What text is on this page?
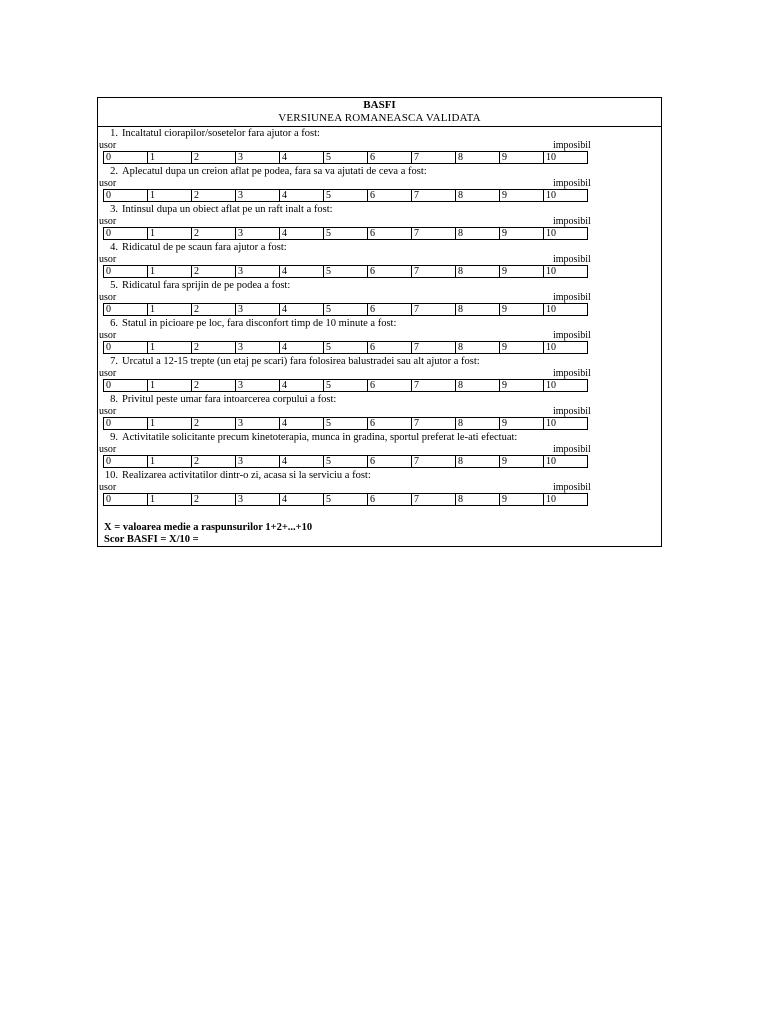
BASFI
VERSIUNEA ROMANEASCA VALIDATA
1. Incaltatul ciorapilor/sosetelor fara ajutor a fost:
usor	imposibil
0	1	2	3	4	5	6	7	8	9	10
2. Aplecatul dupa un creion aflat pe podea, fara sa va ajutati de ceva a fost:
usor	imposibil
0	1	2	3	4	5	6	7	8	9	10
3. Intinsul dupa un obiect aflat pe un raft inalt a fost:
usor	imposibil
0	1	2	3	4	5	6	7	8	9	10
4. Ridicatul de pe scaun fara ajutor a fost:
usor	imposibil
0	1	2	3	4	5	6	7	8	9	10
5. Ridicatul fara sprijin de pe podea a fost:
usor	imposibil
0	1	2	3	4	5	6	7	8	9	10
6. Statul in picioare pe loc, fara disconfort timp de 10 minute a fost:
usor	imposibil
0	1	2	3	4	5	6	7	8	9	10
7. Urcatul a 12-15 trepte (un etaj pe scari) fara folosirea balustradei sau alt ajutor a fost:
usor	imposibil
0	1	2	3	4	5	6	7	8	9	10
8. Privitul peste umar fara intoarcerea corpului a fost:
usor	imposibil
0	1	2	3	4	5	6	7	8	9	10
9. Activitatile solicitante precum kinetoterapia, munca in gradina, sportul preferat le-ati efectuat:
usor	imposibil
0	1	2	3	4	5	6	7	8	9	10
10. Realizarea activitatilor dintr-o zi, acasa si la serviciu a fost:
usor	imposibil
0	1	2	3	4	5	6	7	8	9	10
X = valoarea medie a raspunsurilor 1+2+...+10
Scor BASFI = X/10 =
